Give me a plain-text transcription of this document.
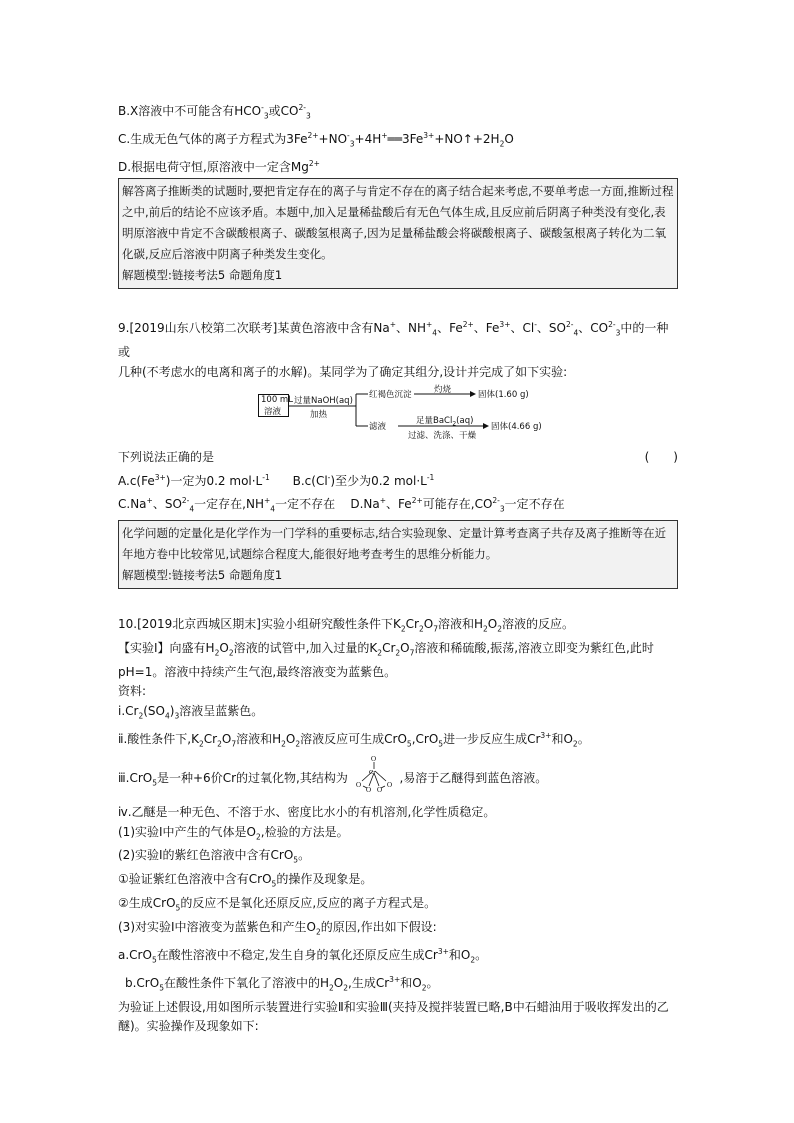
B.X溶液中不可能含有$HCO^-_3$或$CO^{2-}_3$
C.生成无色气体的离子方程式为$3Fe^{2+}+NO^-_3+4H^+══3Fe^{3+}+NO↑+2H_2O$
D.根据电荷守恒,原溶液中一定含$Mg^{2+}$
解答离子推断类的试题时,要把肯定存在的离子与肯定不存在的离子结合起来考虑,不要单考虑一方面,推断过程之中,前后的结论不应该矛盾。本题中,加入足量稀盐酸后有无色气体生成,且反应前后阴离子种类没有变化,表明原溶液中肯定不含碳酸根离子、碳酸氢根离子,因为足量稀盐酸会将碳酸根离子、碳酸氢根离子转化为二氧化碳,反应后溶液中阴离子种类发生变化。
解题模型:链接考法5 命题角度1
9.[2019山东八校第二次联考]某黄色溶液中含有Na+、$NH^+_4$、$Fe^{2+}$、$Fe^{3+}$、Cl-、$SO^{2-}_4$、$CO^{2-}_3$中的一种或
几种(不考虑水的电离和离子的水解)。某同学为了确定其组分,设计并完成了如下实验:
100 mL
溶液
过量NaOH(aq)
加热
红褐色沉淀	灼烧	固体(1.60 g)
滤液
足量BaCl$_2$(aq)
过滤、洗涤、干燥
固体(4.66 g)
下列说法正确的是	(　　)
$A.c(Fe^{3+})$一定为0.2 $mol\cdot L^{-1}$ B.c(Cl-)至少为0.2 $mol\cdot L^{-1}$
C.Na+、$SO^{2-}_4$一定存在$,NH^+_4$一定不存在 D.Na+、$Fe^{2+}$可能存在$,CO^{2-}_3$一定不存在
化学问题的定量化是化学作为一门学科的重要标志,结合实验现象、定量计算考查离子共存及离子推断等在近年地方卷中比较常见,试题综合程度大,能很好地考查考生的思维分析能力。
解题模型:链接考法5 命题角度1
10.[2019北京西城区期末]实验小组研究酸性条件下$K_2Cr_2O_7$溶液和$H_2O_2$溶液的反应。
【实验Ⅰ】向盛有$H_2O_2$溶液的试管中,加入过量的$K_2Cr_2O_7$溶液和稀硫酸,振荡,溶液立即变为紫红色,此时
pH=1。溶液中持续产生气泡,最终溶液变为蓝紫色。
资料:
$ⅰ.Cr_2(SO_4)_3$溶液呈蓝紫色。
ⅱ.酸性条件下$,K_2Cr_2O_7$溶液和$H_2O_2$溶液反应可生成CrO$_5$,CrO$_5$进一步反应生成$Cr^{3+}$和$O_2$。
ⅲ.CrO$_5$是一种+6价Cr的过氧化物,其结构为
O
Cr
O
O O
O ,易溶于乙醚得到蓝色溶液。
ⅳ.乙醚是一种无色、不溶于水、密度比水小的有机溶剂,化学性质稳定。
(1)实验Ⅰ中产生的气体是$O_2$,检验的方法是。
(2)实验Ⅰ的紫红色溶液中含有CrO$_5$。
①验证紫红色溶液中含有CrO$_5$的操作及现象是。
②生成CrO$_5$的反应不是氧化还原反应,反应的离子方程式是。
(3)对实验Ⅰ中溶液变为蓝紫色和产生$O_2$的原因,作出如下假设:
a.CrO$_5$在酸性溶液中不稳定,发生自身的氧化还原反应生成$Cr^{3+}$和$O_2$。
b.CrO$_5$在酸性条件下氧化了溶液中的$H_2O_2$,生成$Cr^{3+}$和$O_2$。
为验证上述假设,用如图所示装置进行实验Ⅱ和实验Ⅲ(夹持及搅拌装置已略,B中石蜡油用于吸收挥发出的乙醚)。实验操作及现象如下:
